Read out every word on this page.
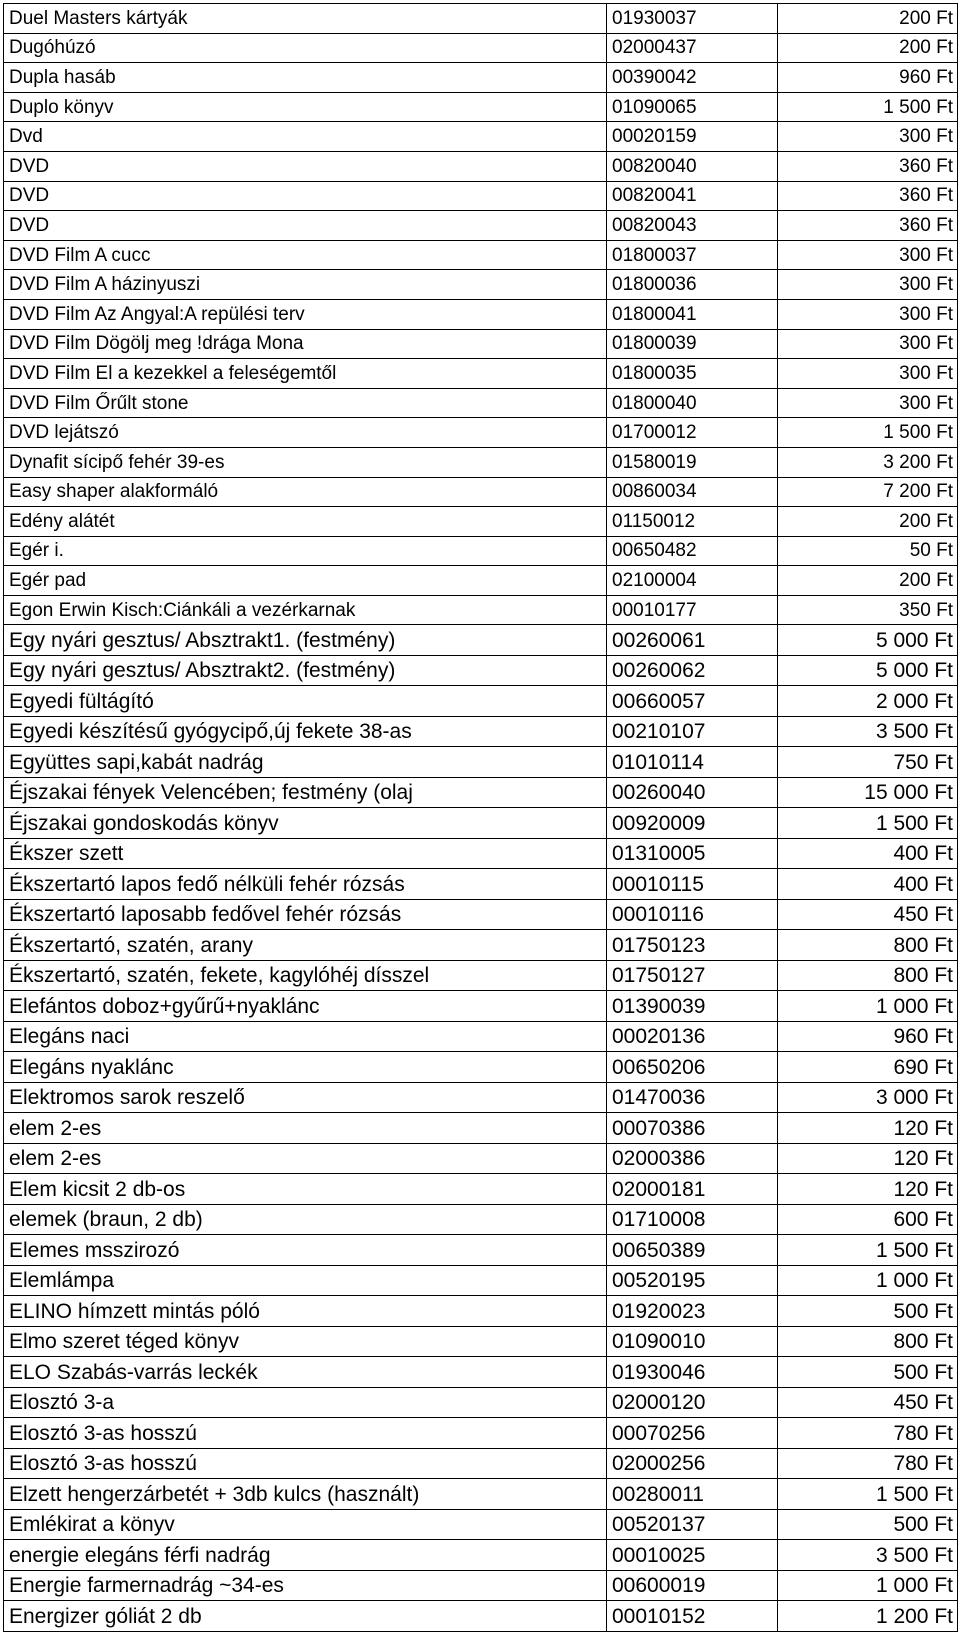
Duel Masters kártyák	01930037	200 Ft
Dugóhúzó	02000437	200 Ft
Dupla hasáb	00390042	960 Ft
Duplo könyv	01090065	1 500 Ft
Dvd	00020159	300 Ft
DVD	00820040	360 Ft
DVD	00820041	360 Ft
DVD	00820043	360 Ft
DVD Film A cucc	01800037	300 Ft
DVD Film A házinyuszi	01800036	300 Ft
DVD Film Az Angyal:A repülési terv	01800041	300 Ft
DVD Film Dögölj meg !drága Mona	01800039	300 Ft
DVD Film El a kezekkel a feleségemtől	01800035	300 Ft
DVD Film Őrűlt stone	01800040	300 Ft
DVD lejátszó	01700012	1 500 Ft
Dynafit sícipő fehér 39-es	01580019	3 200 Ft
Easy shaper alakformáló	00860034	7 200 Ft
Edény alátét	01150012	200 Ft
Egér i.	00650482	50 Ft
Egér pad	02100004	200 Ft
Egon Erwin Kisch:Ciánkáli a vezérkarnak	00010177	350 Ft
Egy nyári gesztus/ Absztrakt1. (festmény)	00260061	5 000 Ft
Egy nyári gesztus/ Absztrakt2. (festmény)	00260062	5 000 Ft
Egyedi fültágító	00660057	2 000 Ft
Egyedi készítésű gyógycipő,új fekete 38-as	00210107	3 500 Ft
Együttes sapi,kabát nadrág	01010114	750 Ft
Éjszakai fények Velencében; festmény (olaj	00260040	15 000 Ft
Éjszakai gondoskodás könyv	00920009	1 500 Ft
Ékszer szett	01310005	400 Ft
Ékszertartó lapos fedő nélküli fehér rózsás	00010115	400 Ft
Ékszertartó laposabb fedővel fehér rózsás	00010116	450 Ft
Ékszertartó, szatén, arany	01750123	800 Ft
Ékszertartó, szatén, fekete, kagylóhéj dísszel	01750127	800 Ft
Elefántos doboz+gyűrű+nyaklánc	01390039	1 000 Ft
Elegáns naci	00020136	960 Ft
Elegáns nyaklánc	00650206	690 Ft
Elektromos sarok reszelő	01470036	3 000 Ft
elem 2-es	00070386	120 Ft
elem 2-es	02000386	120 Ft
Elem kicsit 2 db-os	02000181	120 Ft
elemek (braun, 2 db)	01710008	600 Ft
Elemes msszirozó	00650389	1 500 Ft
Elemlámpa	00520195	1 000 Ft
ELINO hímzett mintás póló	01920023	500 Ft
Elmo szeret téged könyv	01090010	800 Ft
ELO Szabás-varrás leckék	01930046	500 Ft
Elosztó 3-a	02000120	450 Ft
Elosztó 3-as hosszú	00070256	780 Ft
Elosztó 3-as hosszú	02000256	780 Ft
Elzett hengerzárbetét + 3db kulcs (használt)	00280011	1 500 Ft
Emlékirat a könyv	00520137	500 Ft
energie elegáns férfi nadrág	00010025	3 500 Ft
Energie farmernadrág ~34-es	00600019	1 000 Ft
Energizer góliát 2 db	00010152	1 200 Ft
